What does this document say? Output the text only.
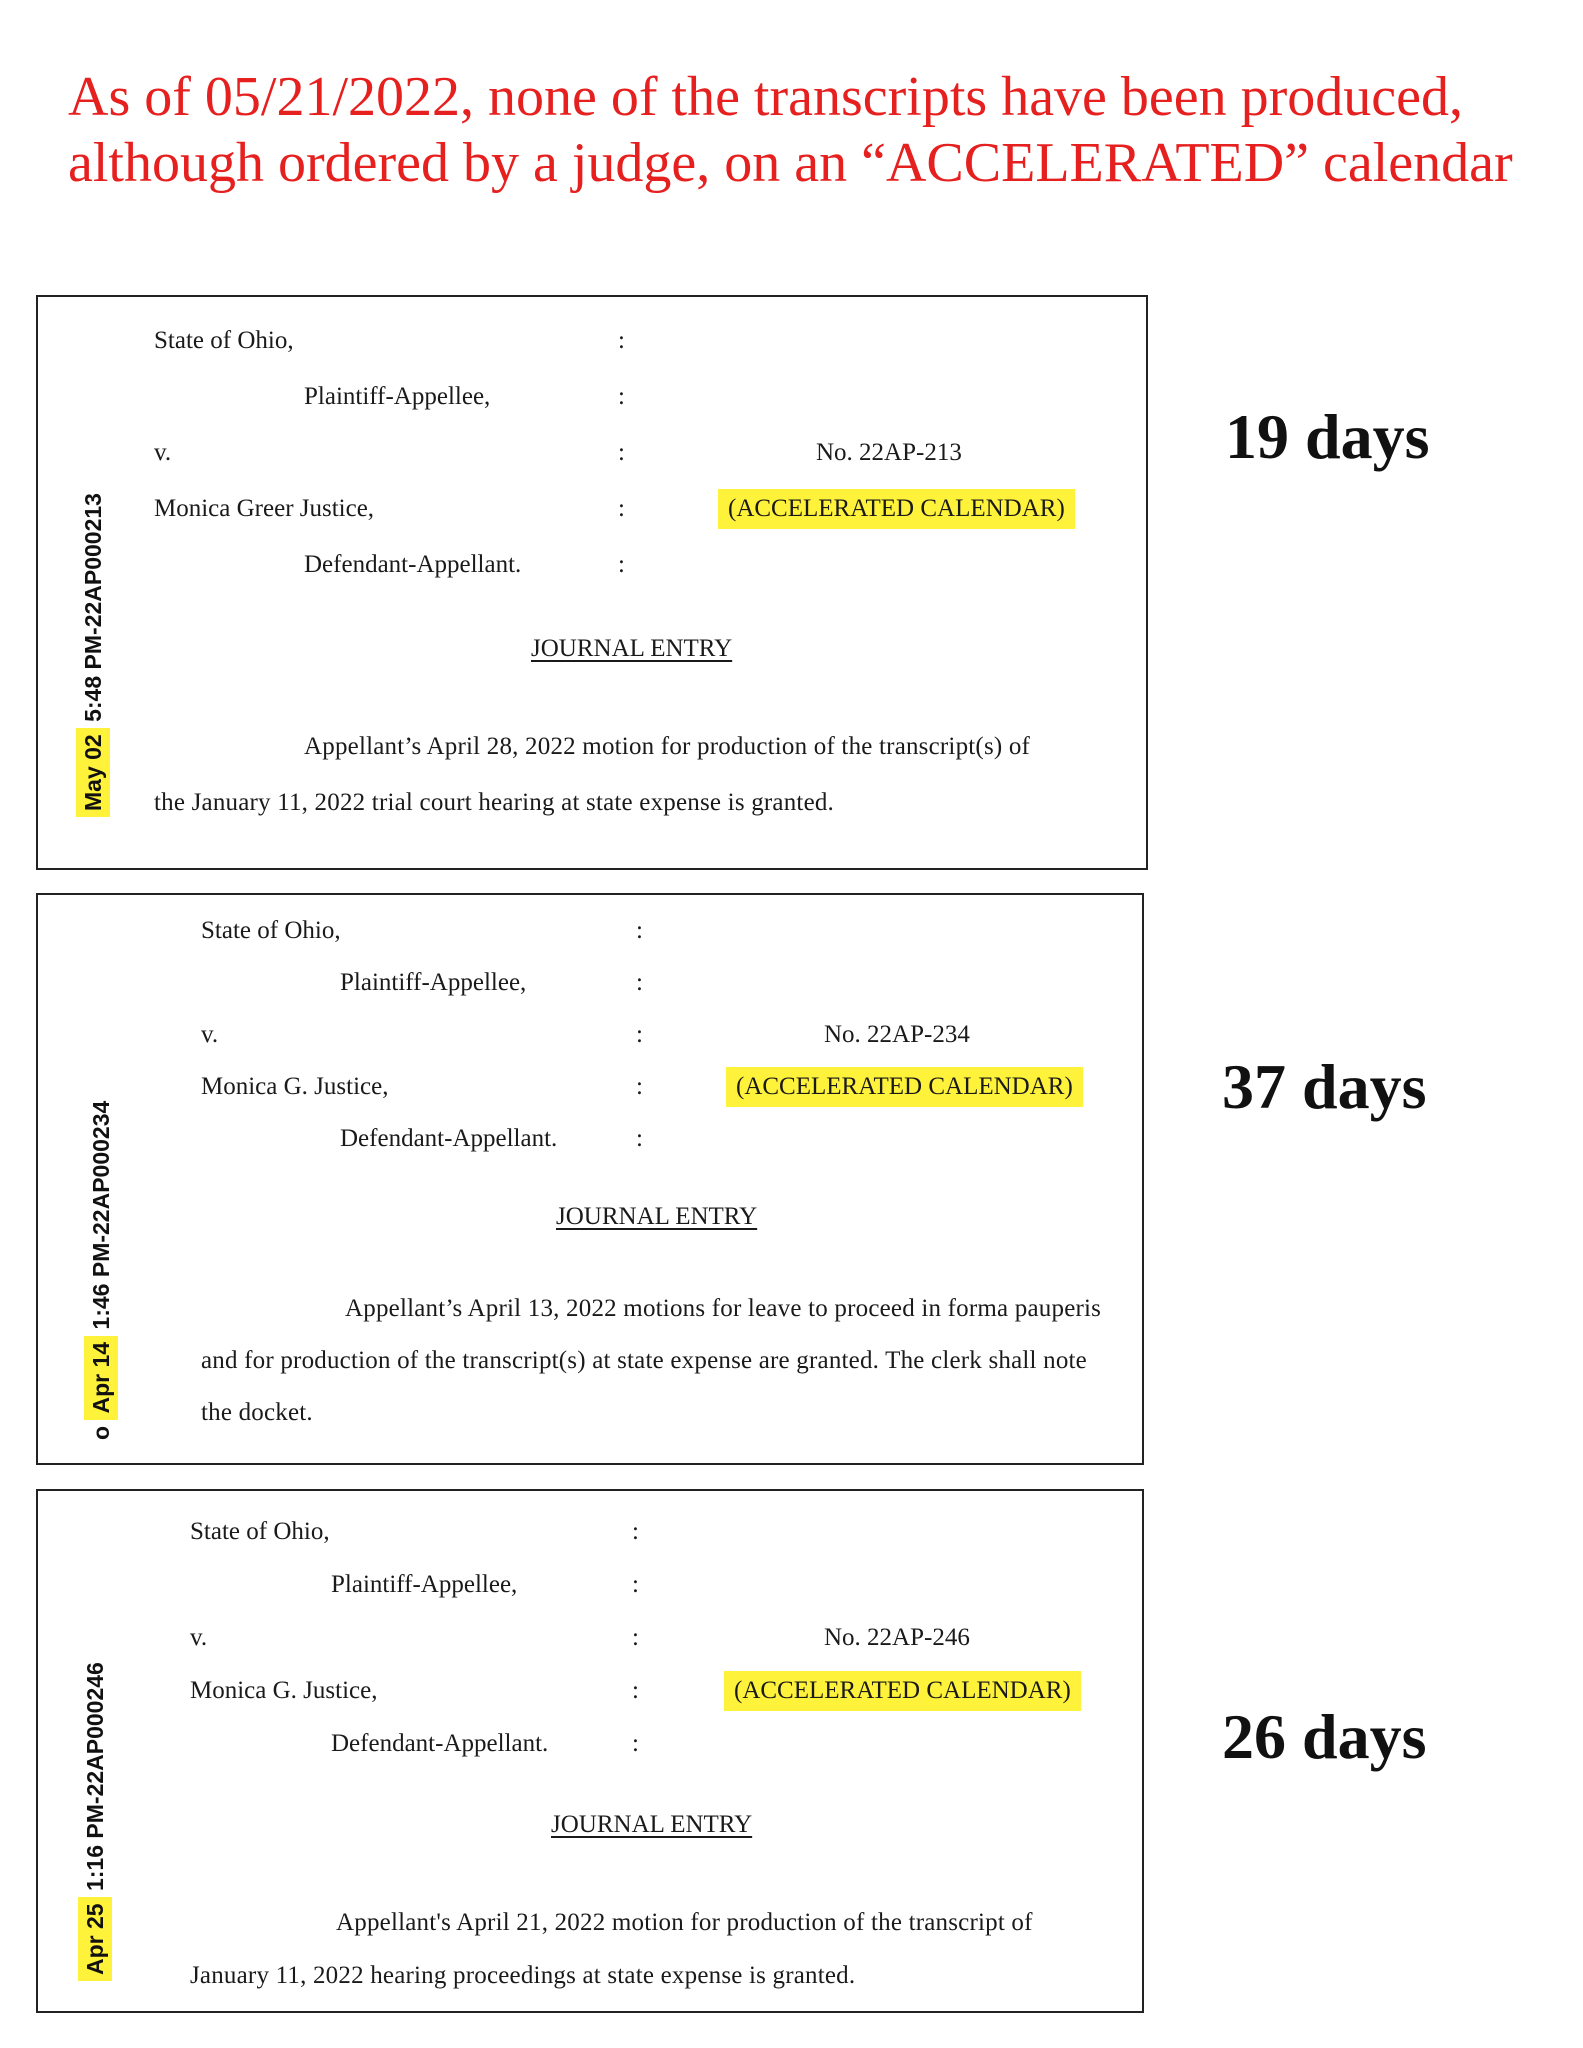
As of 05/21/2022, none of the transcripts have been produced,
although ordered by a judge, on an “ACCELERATED” calendar
May 02 5:48 PM-22AP000213
State of Ohio,
Plaintiff-Appellee,
v.
Monica Greer Justice,
Defendant-Appellant.
:
:
:
:
:
No. 22AP-213
(ACCELERATED CALENDAR)
JOURNAL ENTRY
Appellant’s April 28, 2022 motion for production of the transcript(s) of
the January 11, 2022 trial court hearing at state expense is granted.
19 days
o Apr 14 1:46 PM-22AP000234
State of Ohio,
Plaintiff-Appellee,
v.
Monica G. Justice,
Defendant-Appellant.
:
:
:
:
:
No. 22AP-234
(ACCELERATED CALENDAR)
JOURNAL ENTRY
Appellant’s April 13, 2022 motions for leave to proceed in forma pauperis
and for production of the transcript(s) at state expense are granted. The clerk shall note
the docket.
37 days
Apr 25 1:16 PM-22AP000246
State of Ohio,
Plaintiff-Appellee,
v.
Monica G. Justice,
Defendant-Appellant.
:
:
:
:
:
No. 22AP-246
(ACCELERATED CALENDAR)
JOURNAL ENTRY
Appellant's April 21, 2022 motion for production of the transcript of
January 11, 2022 hearing proceedings at state expense is granted.
26 days
